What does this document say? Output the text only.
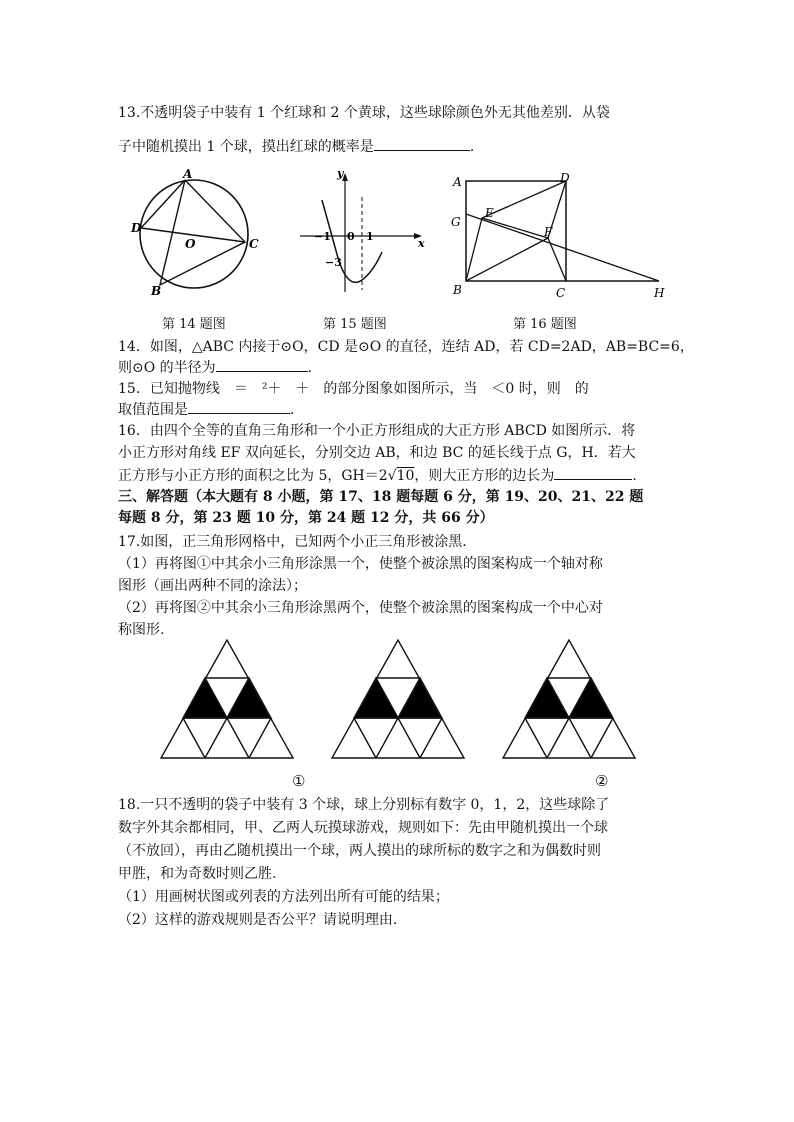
13.不透明袋子中装有 1 个红球和 2 个黄球，这些球除颜色外无其他差别．从袋
子中随机摸出 1 个球，摸出红球的概率是	.
A
D
O	C
B
第 14 题图
y
x
−1 0 1
−3
第 15 题图
A	D
G
E
F
B	C	H
第 16 题图
14．如图，△ABC 内接于⊙O，CD 是⊙O 的直径，连结 AD，若 CD=2AD，AB=BC=6，
则⊙O 的半径为	.
15．已知抛物线　＝　²＋　＋　的部分图象如图所示，当　＜0 时，则　的
取值范围是	.
16．由四个全等的直角三角形和一个小正方形组成的大正方形 ABCD 如图所示．将
小正方形对角线 EF 双向延长，分别交边 AB，和边 BC 的延长线于点 G，H．若大
正方形与小正方形的面积之比为 5，GH＝2√10，则大正方形的边长为	.
三、解答题（本大题有 8 小题，第 17、18 题每题 6 分，第 19、20、21、22 题
每题 8 分，第 23 题 10 分，第 24 题 12 分，共 66 分）
17.如图，正三角形网格中，已知两个小正三角形被涂黑.
（1）再将图①中其余小三角形涂黑一个，使整个被涂黑的图案构成一个轴对称
图形（画出两种不同的涂法）；
（2）再将图②中其余小三角形涂黑两个，使整个被涂黑的图案构成一个中心对
称图形.
①	②
18.一只不透明的袋子中装有 3 个球，球上分别标有数字 0，1，2，这些球除了
数字外其余都相同，甲、乙两人玩摸球游戏，规则如下：先由甲随机摸出一个球
（不放回），再由乙随机摸出一个球，两人摸出的球所标的数字之和为偶数时则
甲胜，和为奇数时则乙胜.
（1）用画树状图或列表的方法列出所有可能的结果；
（2）这样的游戏规则是否公平？请说明理由.
